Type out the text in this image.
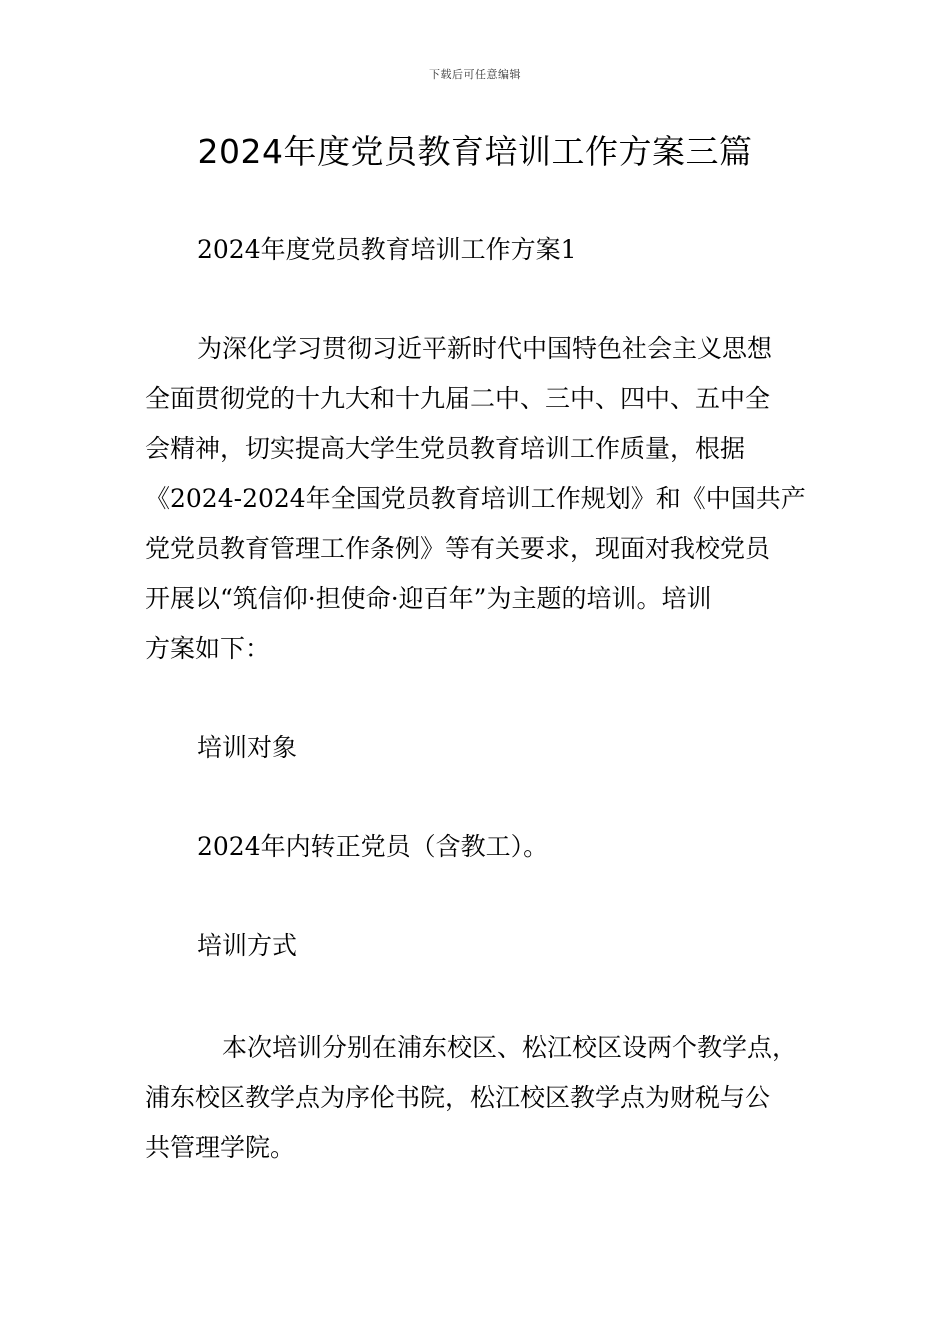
下载后可任意编辑
2024年度党员教育培训工作方案三篇
2024年度党员教育培训工作方案1
为深化学习贯彻习近平新时代中国特色社会主义思想
全面贯彻党的十九大和十九届二中、三中、四中、五中全
会精神，切实提高大学生党员教育培训工作质量，根据
《2024-2024年全国党员教育培训工作规划》和《中国共产
党党员教育管理工作条例》等有关要求，现面对我校党员
开展以“筑信仰·担使命·迎百年”为主题的培训。培训
方案如下：
培训对象
2024年内转正党员（含教工）。
培训方式
本次培训分别在浦东校区、松江校区设两个教学点，
浦东校区教学点为序伦书院，松江校区教学点为财税与公
共管理学院。
